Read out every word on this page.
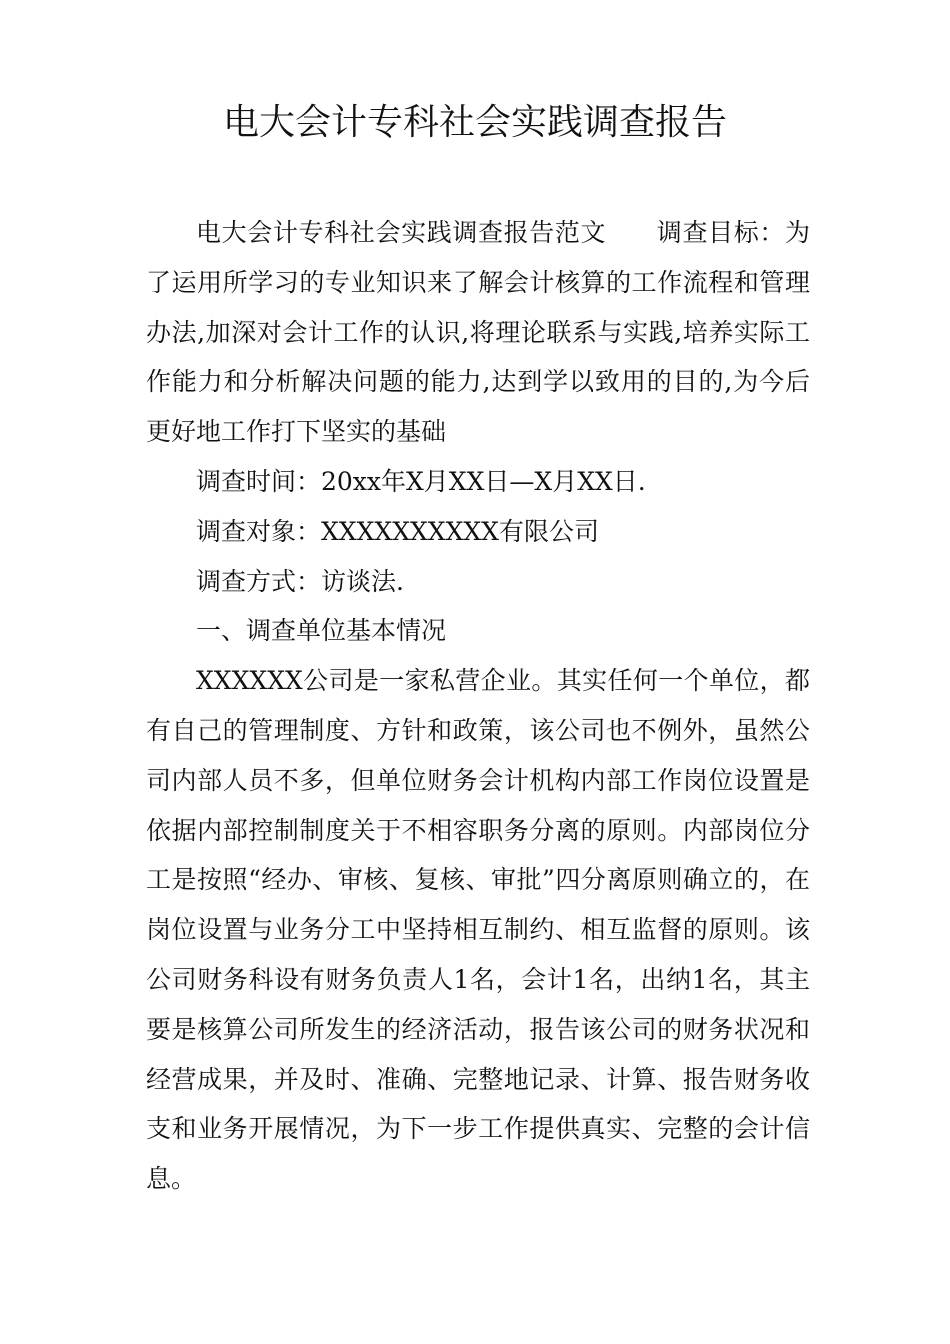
电大会计专科社会实践调查报告

电大会计专科社会实践调查报告范文 调查目标：为了运用所学习的专业知识来了解会计核算的工作流程和管理办法,加深对会计工作的认识,将理论联系与实践,培养实际工作能力和分析解决问题的能力,达到学以致用的目的,为今后更好地工作打下坚实的基础

调查时间：20xx年X月XX日—X月XX日.

调查对象：XXXXXXXXXX有限公司

调查方式：访谈法.

一、调查单位基本情况

XXXXXX公司是一家私营企业。其实任何一个单位，都有自己的管理制度、方针和政策，该公司也不例外，虽然公司内部人员不多，但单位财务会计机构内部工作岗位设置是依据内部控制制度关于不相容职务分离的原则。内部岗位分工是按照“经办、审核、复核、审批”四分离原则确立的，在岗位设置与业务分工中坚持相互制约、相互监督的原则。该公司财务科设有财务负责人1名，会计1名，出纳1名，其主要是核算公司所发生的经济活动，报告该公司的财务状况和经营成果，并及时、准确、完整地记录、计算、报告财务收支和业务开展情况，为下一步工作提供真实、完整的会计信息。
